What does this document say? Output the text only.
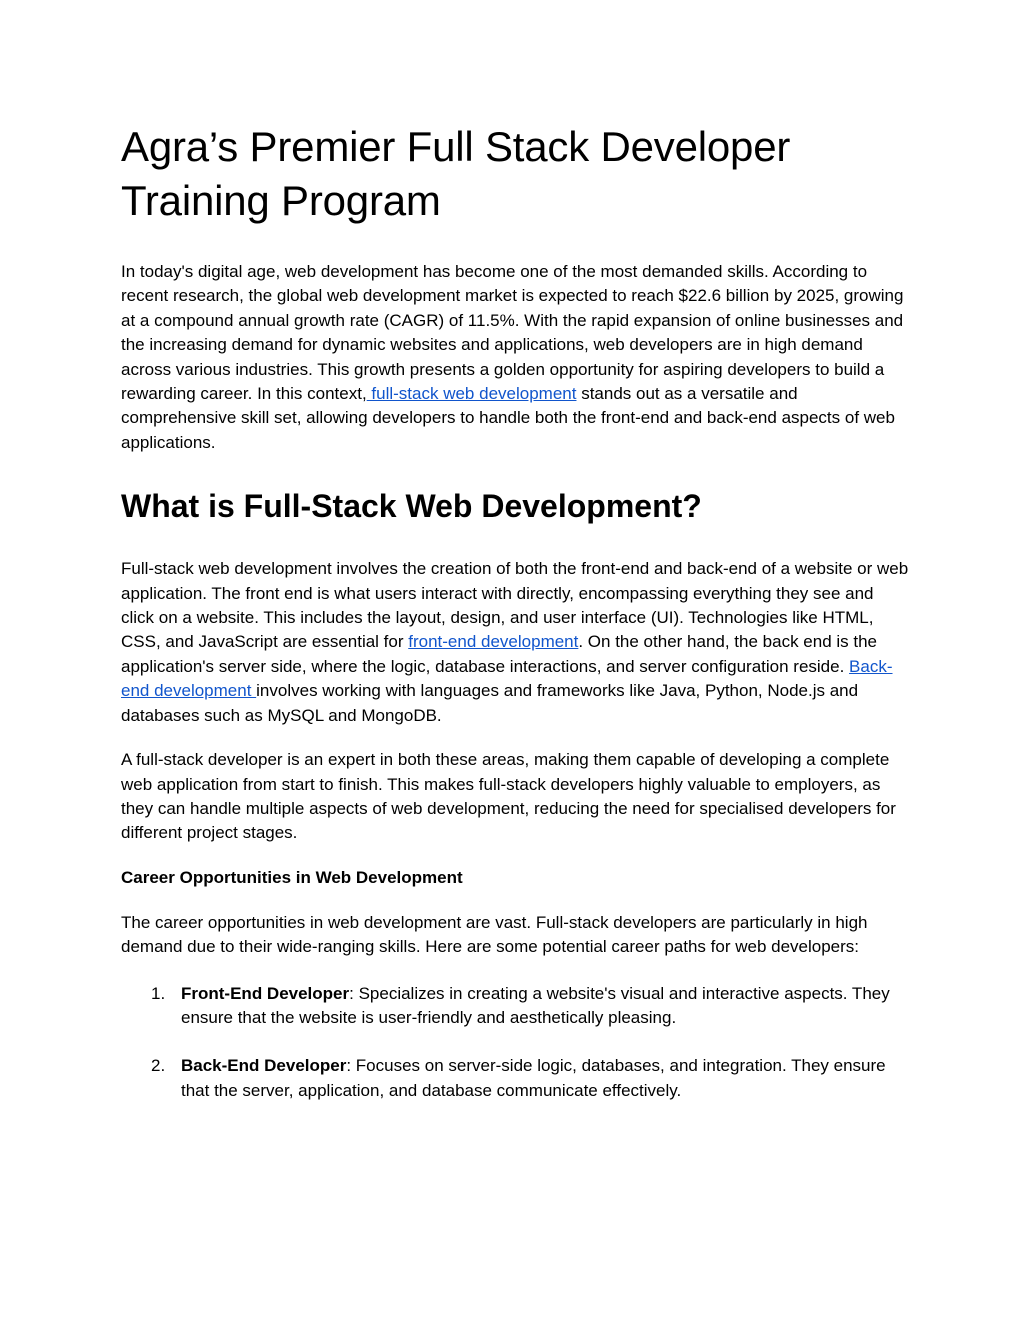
Agra’s Premier Full Stack Developer Training Program

In today's digital age, web development has become one of the most demanded skills. According to recent research, the global web development market is expected to reach $22.6 billion by 2025, growing at a compound annual growth rate (CAGR) of 11.5%. With the rapid expansion of online businesses and the increasing demand for dynamic websites and applications, web developers are in high demand across various industries. This growth presents a golden opportunity for aspiring developers to build a rewarding career. In this context, full-stack web development stands out as a versatile and comprehensive skill set, allowing developers to handle both the front-end and back-end aspects of web applications.

What is Full-Stack Web Development?

Full-stack web development involves the creation of both the front-end and back-end of a website or web application. The front end is what users interact with directly, encompassing everything they see and click on a website. This includes the layout, design, and user interface (UI). Technologies like HTML, CSS, and JavaScript are essential for front-end development. On the other hand, the back end is the application's server side, where the logic, database interactions, and server configuration reside. Back-end development involves working with languages and frameworks like Java, Python, Node.js and databases such as MySQL and MongoDB.

A full-stack developer is an expert in both these areas, making them capable of developing a complete web application from start to finish. This makes full-stack developers highly valuable to employers, as they can handle multiple aspects of web development, reducing the need for specialised developers for different project stages.

Career Opportunities in Web Development

The career opportunities in web development are vast. Full-stack developers are particularly in high demand due to their wide-ranging skills. Here are some potential career paths for web developers:

1. Front-End Developer: Specializes in creating a website's visual and interactive aspects. They ensure that the website is user-friendly and aesthetically pleasing.
2. Back-End Developer: Focuses on server-side logic, databases, and integration. They ensure that the server, application, and database communicate effectively.
